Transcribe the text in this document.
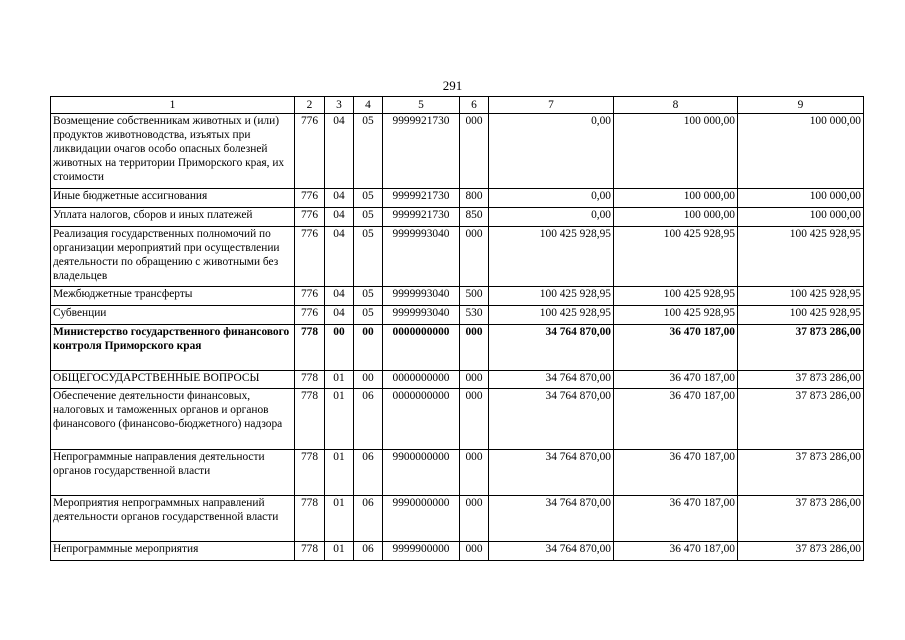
291
1	2	3	4	5	6	7	8	9
Возмещение собственникам животных и (или) продуктов животноводства, изъятых при ликвидации очагов особо опасных болезней животных на территории Приморского края, их стоимости	776	04	05	9999921730	000	0,00	100 000,00	100 000,00
Иные бюджетные ассигнования	776	04	05	9999921730	800	0,00	100 000,00	100 000,00
Уплата налогов, сборов и иных платежей	776	04	05	9999921730	850	0,00	100 000,00	100 000,00
Реализация государственных полномочий по организации мероприятий при осуществлении деятельности по обращению с животными без владельцев	776	04	05	9999993040	000	100 425 928,95	100 425 928,95	100 425 928,95
Межбюджетные трансферты	776	04	05	9999993040	500	100 425 928,95	100 425 928,95	100 425 928,95
Субвенции	776	04	05	9999993040	530	100 425 928,95	100 425 928,95	100 425 928,95
Министерство государственного финансового контроля Приморского края	778	00	00	0000000000	000	34 764 870,00	36 470 187,00	37 873 286,00
ОБЩЕГОСУДАРСТВЕННЫЕ ВОПРОСЫ	778	01	00	0000000000	000	34 764 870,00	36 470 187,00	37 873 286,00
Обеспечение деятельности финансовых, налоговых и таможенных органов и органов финансового (финансово-бюджетного) надзора	778	01	06	0000000000	000	34 764 870,00	36 470 187,00	37 873 286,00
Непрограммные направления деятельности органов государственной власти	778	01	06	9900000000	000	34 764 870,00	36 470 187,00	37 873 286,00
Мероприятия непрограммных направлений деятельности органов государственной власти	778	01	06	9990000000	000	34 764 870,00	36 470 187,00	37 873 286,00
Непрограммные мероприятия	778	01	06	9999900000	000	34 764 870,00	36 470 187,00	37 873 286,00
